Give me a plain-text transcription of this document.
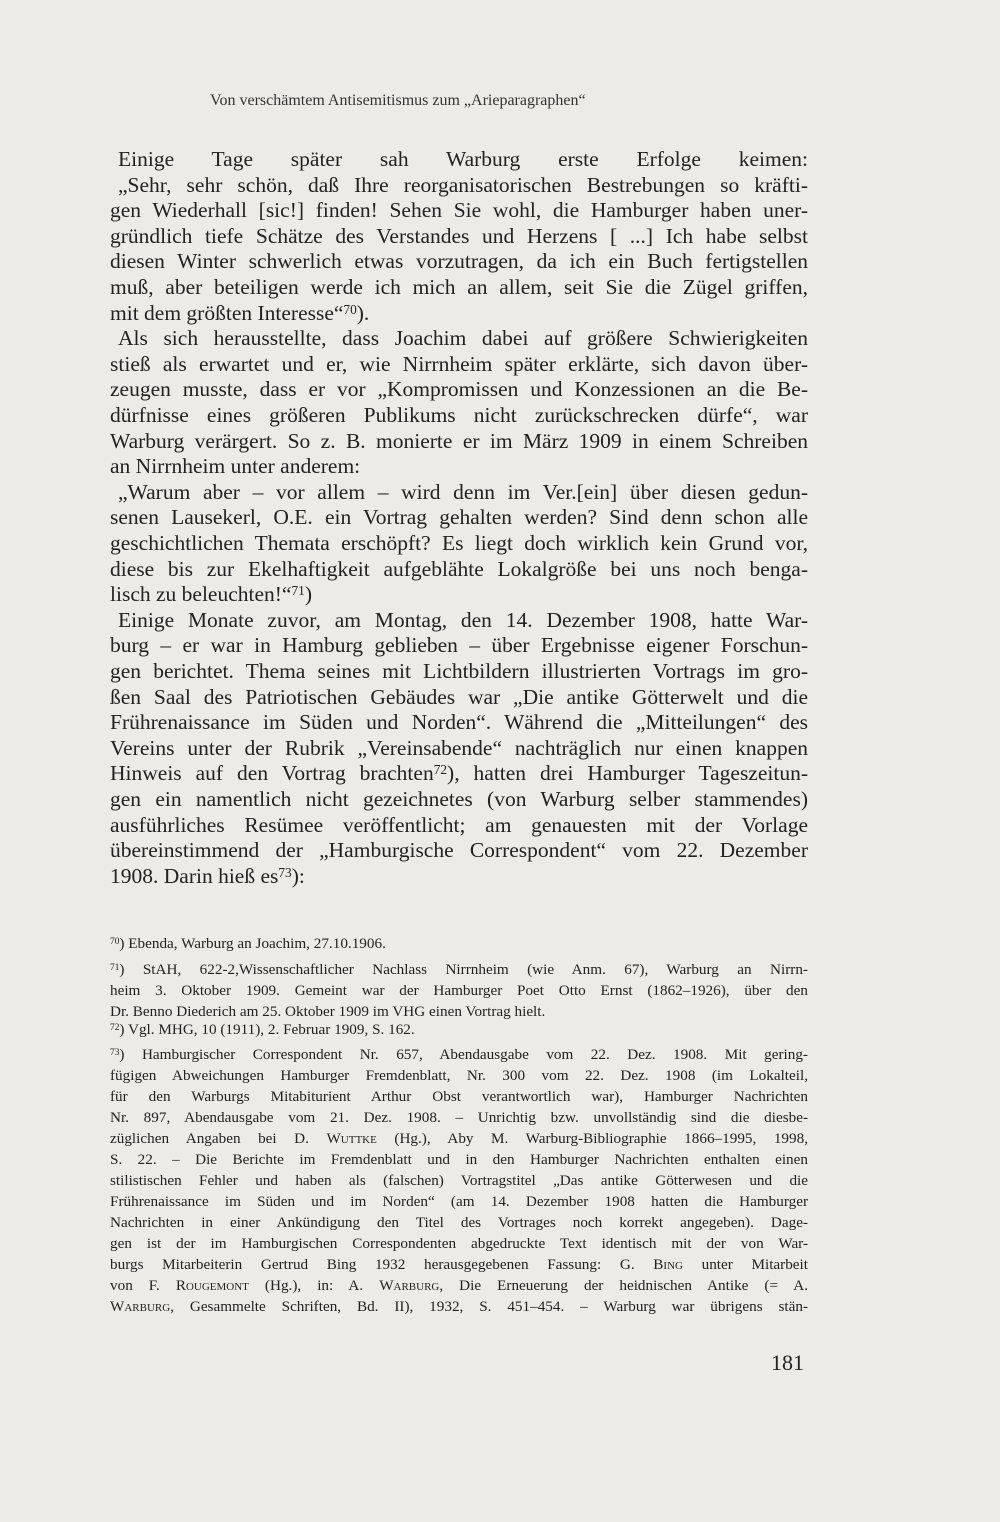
Von verschämtem Antisemitismus zum „Arieparagraphen“
Einige Tage später sah Warburg erste Erfolge keimen:
„Sehr, sehr schön, daß Ihre reorganisatorischen Bestrebungen so kräfti-
gen Wiederhall [sic!] finden! Sehen Sie wohl, die Hamburger haben uner-
gründlich tiefe Schätze des Verstandes und Herzens [ ...] Ich habe selbst
diesen Winter schwerlich etwas vorzutragen, da ich ein Buch fertigstellen
muß, aber beteiligen werde ich mich an allem, seit Sie die Zügel griffen,
mit dem größten Interesse“$^{70}$).
Als sich herausstellte, dass Joachim dabei auf größere Schwierigkeiten
stieß als erwartet und er, wie Nirrnheim später erklärte, sich davon über-
zeugen musste, dass er vor „Kompromissen und Konzessionen an die Be-
dürfnisse eines größeren Publikums nicht zurückschrecken dürfe“, war
Warburg verärgert. So z. B. monierte er im März 1909 in einem Schreiben
an Nirrnheim unter anderem:
„Warum aber – vor allem – wird denn im Ver.[ein] über diesen gedun-
senen Lausekerl, O.E. ein Vortrag gehalten werden? Sind denn schon alle
geschichtlichen Themata erschöpft? Es liegt doch wirklich kein Grund vor,
diese bis zur Ekelhaftigkeit aufgeblähte Lokalgröße bei uns noch benga-
lisch zu beleuchten!“$^{71}$)
Einige Monate zuvor, am Montag, den 14. Dezember 1908, hatte War-
burg – er war in Hamburg geblieben – über Ergebnisse eigener Forschun-
gen berichtet. Thema seines mit Lichtbildern illustrierten Vortrags im gro-
ßen Saal des Patriotischen Gebäudes war „Die antike Götterwelt und die
Frührenaissance im Süden und Norden“. Während die „Mitteilungen“ des
Vereins unter der Rubrik „Vereinsabende“ nachträglich nur einen knappen
Hinweis auf den Vortrag brachten$^{72}$), hatten drei Hamburger Tageszeitun-
gen ein namentlich nicht gezeichnetes (von Warburg selber stammendes)
ausführliches Resümee veröffentlicht; am genauesten mit der Vorlage
übereinstimmend der „Hamburgische Correspondent“ vom 22. Dezember
1908. Darin hieß $es^{73}$):
$^{70}$) Ebenda, Warburg an Joachim, 27.10.1906.
$^{71}$) StAH, 622-2,Wissenschaftlicher Nachlass Nirrnheim (wie Anm. 67), Warburg an Nirrn-
heim 3. Oktober 1909. Gemeint war der Hamburger Poet Otto Ernst (1862–1926), über den
Dr. Benno Diederich am 25. Oktober 1909 im VHG einen Vortrag hielt.
$^{72}$) Vgl. MHG, 10 (1911), 2. Februar 1909, S. 162.
$^{73}$) Hamburgischer Correspondent Nr. 657, Abendausgabe vom 22. Dez. 1908. Mit gering-
fügigen Abweichungen Hamburger Fremdenblatt, Nr. 300 vom 22. Dez. 1908 (im Lokalteil,
für den Warburgs Mitabiturient Arthur Obst verantwortlich war), Hamburger Nachrichten
Nr. 897, Abendausgabe vom 21. Dez. 1908. – Unrichtig bzw. unvollständig sind die diesbe-
züglichen Angaben bei D. Wuttke (Hg.), Aby M. Warburg-Bibliographie 1866–1995, 1998,
S. 22. – Die Berichte im Fremdenblatt und in den Hamburger Nachrichten enthalten einen
stilistischen Fehler und haben als (falschen) Vortragstitel „Das antike Götterwesen und die
Frührenaissance im Süden und im Norden“ (am 14. Dezember 1908 hatten die Hamburger
Nachrichten in einer Ankündigung den Titel des Vortrages noch korrekt angegeben). Dage-
gen ist der im Hamburgischen Correspondenten abgedruckte Text identisch mit der von War-
burgs Mitarbeiterin Gertrud Bing 1932 herausgegebenen Fassung: G. Bing unter Mitarbeit
von F. Rougemont (Hg.), in: A. Warburg, Die Erneuerung der heidnischen Antike (= A.
Warburg, Gesammelte Schriften, Bd. II), 1932, S. 451–454. – Warburg war übrigens stän-
181
